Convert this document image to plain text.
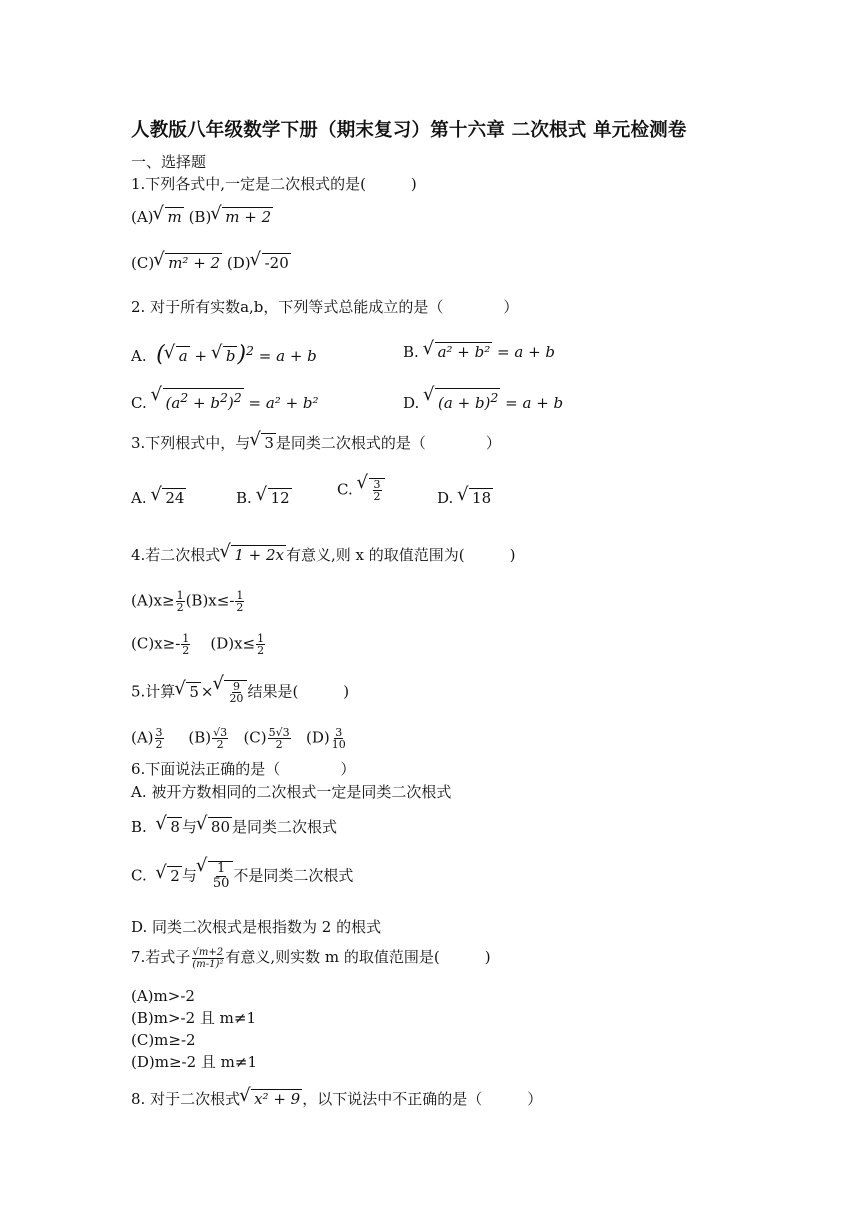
人教版八年级数学下册（期末复习）第十六章 二次根式 单元检测卷
一、选择题
1.下列各式中,一定是二次根式的是(　　　)
(A) √ m (B) √ m + 2
(C) √ m² + 2 (D) √ -20
2. 对于所有实数a,b，下列等式总能成立的是（　　　　）
A. ( √ a + √ b)$^2$ = a + b	B. √ a² + b² = a + b
C. √ $(a^2 + b^2)^2 = a^2 + b^2$	D. √ $(a + b)^2 = a + b$
3.下列根式中，与 √ 3 是同类二次根式的是（　　　　）
A. √ 24	B. √ 12	C. √ $\frac{3}{2}$	D. √ 18
4.若二次根式 √ 1 + 2x 有意义,则 x 的取值范围为(　　　)
$(A)x\ge \frac{1}{2} (B)x\le- \frac{1}{2}$
$(C)x\ge- \frac{1}{2} (D)x\le \frac{1}{2}$
5.计算 √ 5 × √ $\frac{9}{20}$ 结果是(　　　)
$(A) \frac{3}{2} (B) \frac{√3}{2} (C) \frac{5√3}{2} (D) \frac{3}{10}$
6.下面说法正确的是（　　　　）
A. 被开方数相同的二次根式一定是同类二次根式
B. √ 8 与 √ 80 是同类二次根式
C. √ 2 与 √ $\frac{1}{50}$ 不是同类二次根式
D. 同类二次根式是根指数为 2 的根式
7.若式子 $\frac{√m+2}{\text{(m-1)²}}$ 有意义,则实数 m 的取值范围是(　　　)
(A)m>-2
(B)m>-2 且 m≠1
(C)m≥-2
(D)m≥-2 且 m≠1
8. 对于二次根式 √ x² + 9 ，以下说法中不正确的是（　　　）
